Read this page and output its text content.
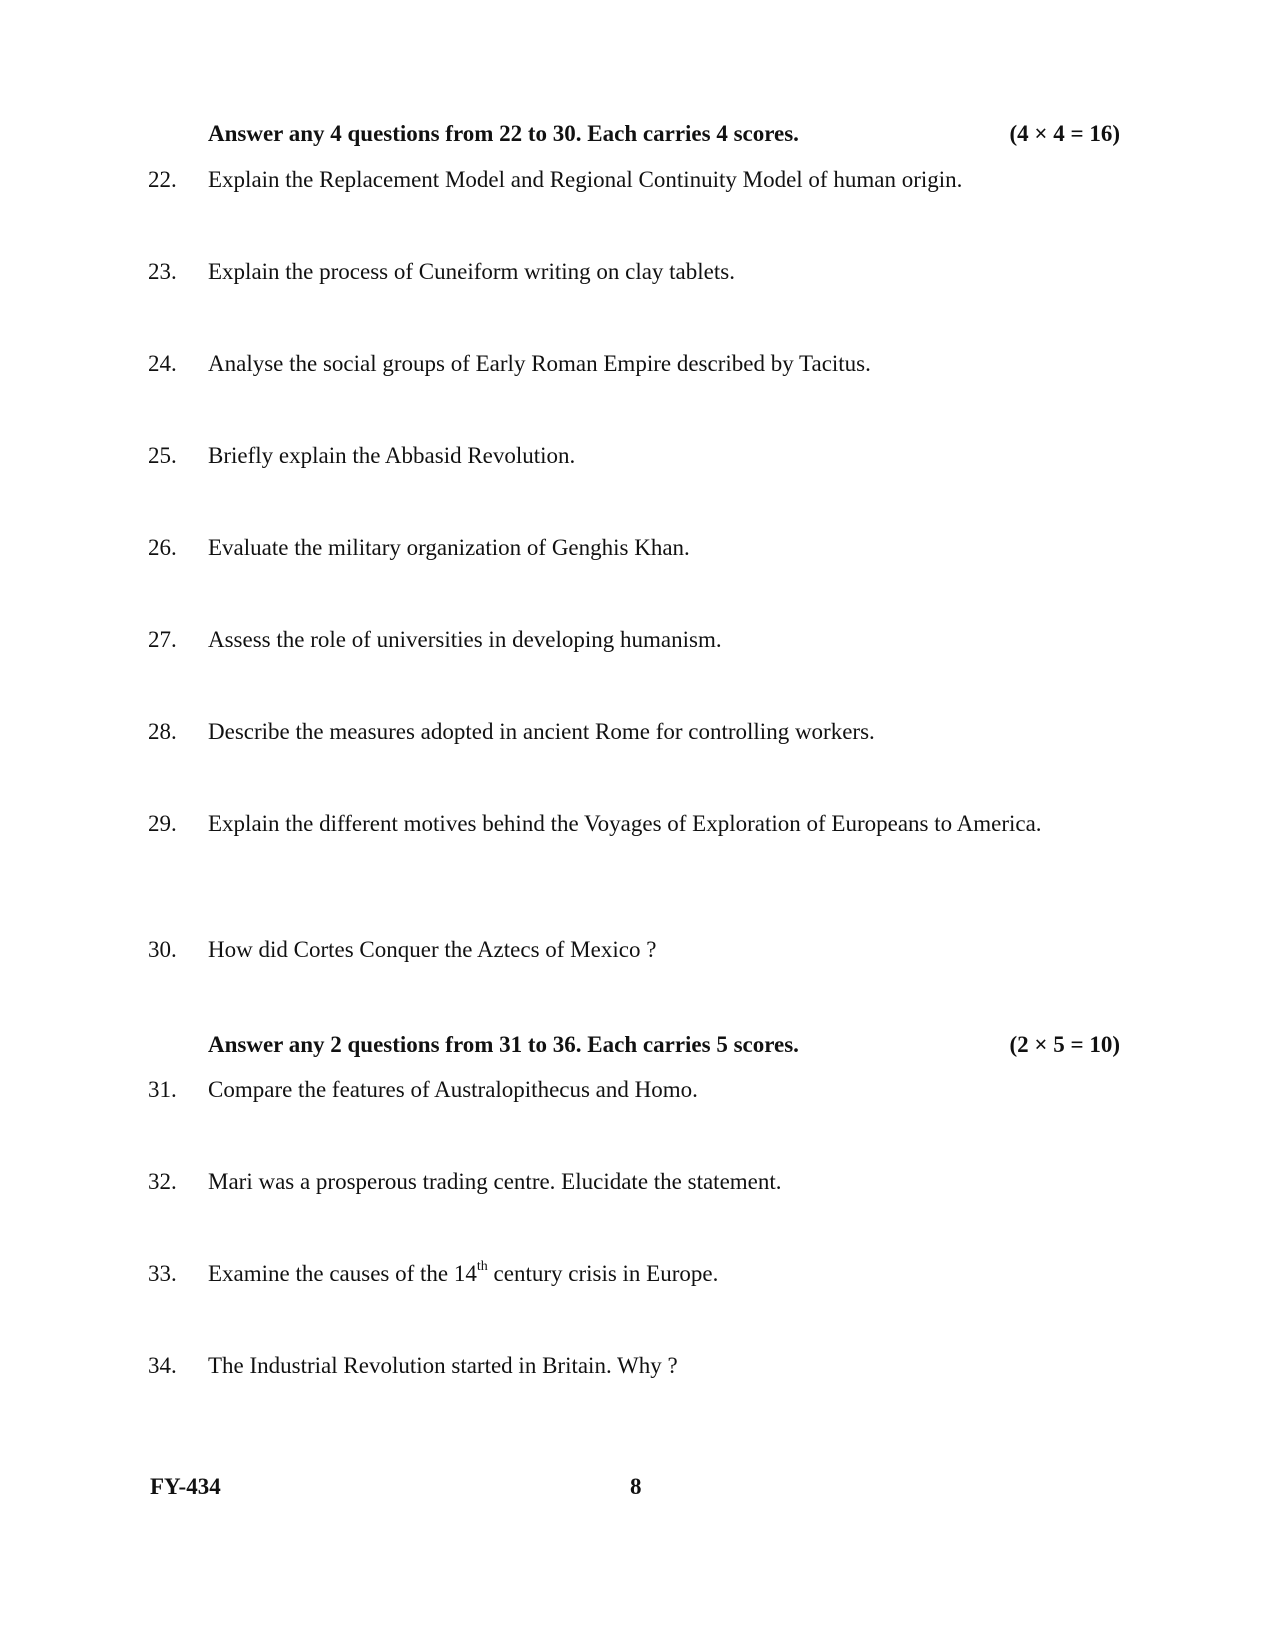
Answer any 4 questions from 22 to 30. Each carries 4 scores.	(4 × 4 = 16)
22. Explain the Replacement Model and Regional Continuity Model of human origin.
23. Explain the process of Cuneiform writing on clay tablets.
24. Analyse the social groups of Early Roman Empire described by Tacitus.
25. Briefly explain the Abbasid Revolution.
26. Evaluate the military organization of Genghis Khan.
27. Assess the role of universities in developing humanism.
28. Describe the measures adopted in ancient Rome for controlling workers.
29. Explain the different motives behind the Voyages of Exploration of Europeans to America.
30. How did Cortes Conquer the Aztecs of Mexico ?
Answer any 2 questions from 31 to 36. Each carries 5 scores.	(2 × 5 = 10)
31. Compare the features of Australopithecus and Homo.
32. Mari was a prosperous trading centre. Elucidate the statement.
33. Examine the causes of the 14th century crisis in Europe.
34. The Industrial Revolution started in Britain. Why ?
FY-434	8
